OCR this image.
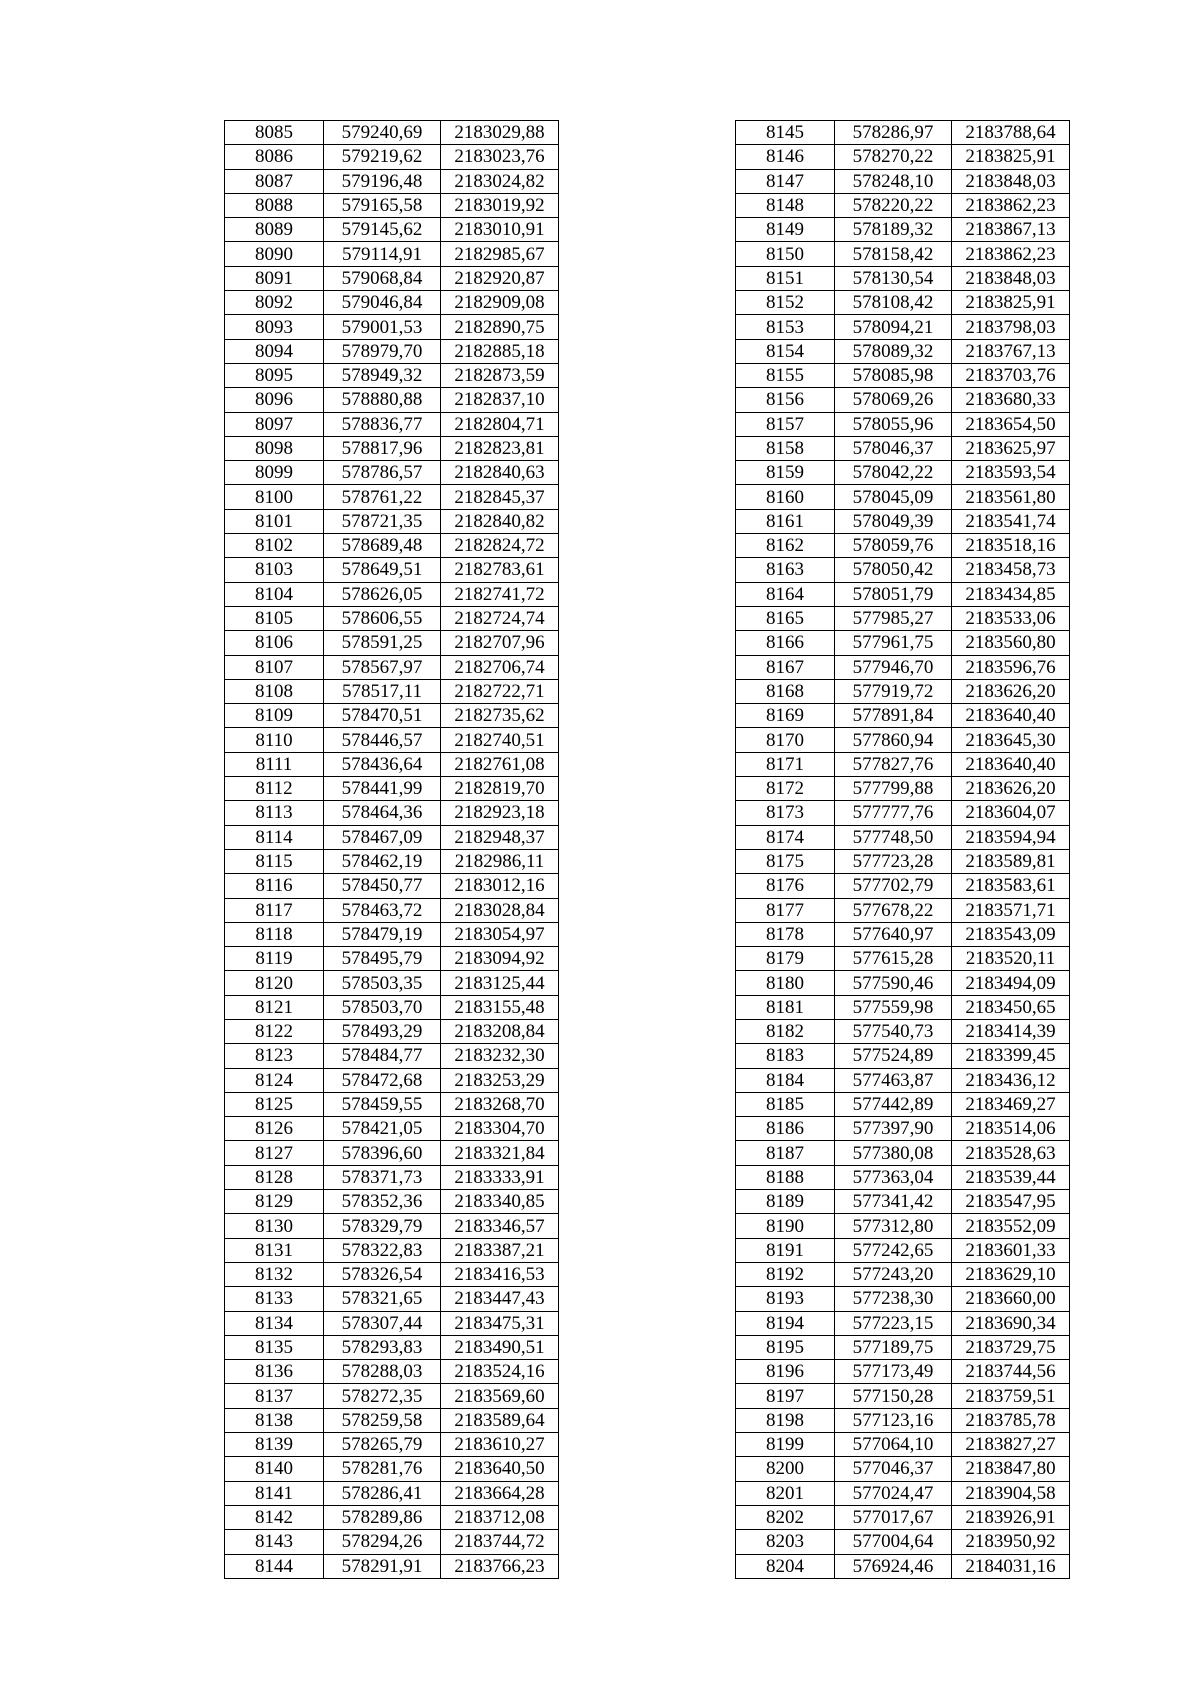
8085	579240,69	2183029,88
8086	579219,62	2183023,76
8087	579196,48	2183024,82
8088	579165,58	2183019,92
8089	579145,62	2183010,91
8090	579114,91	2182985,67
8091	579068,84	2182920,87
8092	579046,84	2182909,08
8093	579001,53	2182890,75
8094	578979,70	2182885,18
8095	578949,32	2182873,59
8096	578880,88	2182837,10
8097	578836,77	2182804,71
8098	578817,96	2182823,81
8099	578786,57	2182840,63
8100	578761,22	2182845,37
8101	578721,35	2182840,82
8102	578689,48	2182824,72
8103	578649,51	2182783,61
8104	578626,05	2182741,72
8105	578606,55	2182724,74
8106	578591,25	2182707,96
8107	578567,97	2182706,74
8108	578517,11	2182722,71
8109	578470,51	2182735,62
8110	578446,57	2182740,51
8111	578436,64	2182761,08
8112	578441,99	2182819,70
8113	578464,36	2182923,18
8114	578467,09	2182948,37
8115	578462,19	2182986,11
8116	578450,77	2183012,16
8117	578463,72	2183028,84
8118	578479,19	2183054,97
8119	578495,79	2183094,92
8120	578503,35	2183125,44
8121	578503,70	2183155,48
8122	578493,29	2183208,84
8123	578484,77	2183232,30
8124	578472,68	2183253,29
8125	578459,55	2183268,70
8126	578421,05	2183304,70
8127	578396,60	2183321,84
8128	578371,73	2183333,91
8129	578352,36	2183340,85
8130	578329,79	2183346,57
8131	578322,83	2183387,21
8132	578326,54	2183416,53
8133	578321,65	2183447,43
8134	578307,44	2183475,31
8135	578293,83	2183490,51
8136	578288,03	2183524,16
8137	578272,35	2183569,60
8138	578259,58	2183589,64
8139	578265,79	2183610,27
8140	578281,76	2183640,50
8141	578286,41	2183664,28
8142	578289,86	2183712,08
8143	578294,26	2183744,72
8144	578291,91	2183766,23
8145	578286,97	2183788,64
8146	578270,22	2183825,91
8147	578248,10	2183848,03
8148	578220,22	2183862,23
8149	578189,32	2183867,13
8150	578158,42	2183862,23
8151	578130,54	2183848,03
8152	578108,42	2183825,91
8153	578094,21	2183798,03
8154	578089,32	2183767,13
8155	578085,98	2183703,76
8156	578069,26	2183680,33
8157	578055,96	2183654,50
8158	578046,37	2183625,97
8159	578042,22	2183593,54
8160	578045,09	2183561,80
8161	578049,39	2183541,74
8162	578059,76	2183518,16
8163	578050,42	2183458,73
8164	578051,79	2183434,85
8165	577985,27	2183533,06
8166	577961,75	2183560,80
8167	577946,70	2183596,76
8168	577919,72	2183626,20
8169	577891,84	2183640,40
8170	577860,94	2183645,30
8171	577827,76	2183640,40
8172	577799,88	2183626,20
8173	577777,76	2183604,07
8174	577748,50	2183594,94
8175	577723,28	2183589,81
8176	577702,79	2183583,61
8177	577678,22	2183571,71
8178	577640,97	2183543,09
8179	577615,28	2183520,11
8180	577590,46	2183494,09
8181	577559,98	2183450,65
8182	577540,73	2183414,39
8183	577524,89	2183399,45
8184	577463,87	2183436,12
8185	577442,89	2183469,27
8186	577397,90	2183514,06
8187	577380,08	2183528,63
8188	577363,04	2183539,44
8189	577341,42	2183547,95
8190	577312,80	2183552,09
8191	577242,65	2183601,33
8192	577243,20	2183629,10
8193	577238,30	2183660,00
8194	577223,15	2183690,34
8195	577189,75	2183729,75
8196	577173,49	2183744,56
8197	577150,28	2183759,51
8198	577123,16	2183785,78
8199	577064,10	2183827,27
8200	577046,37	2183847,80
8201	577024,47	2183904,58
8202	577017,67	2183926,91
8203	577004,64	2183950,92
8204	576924,46	2184031,16
